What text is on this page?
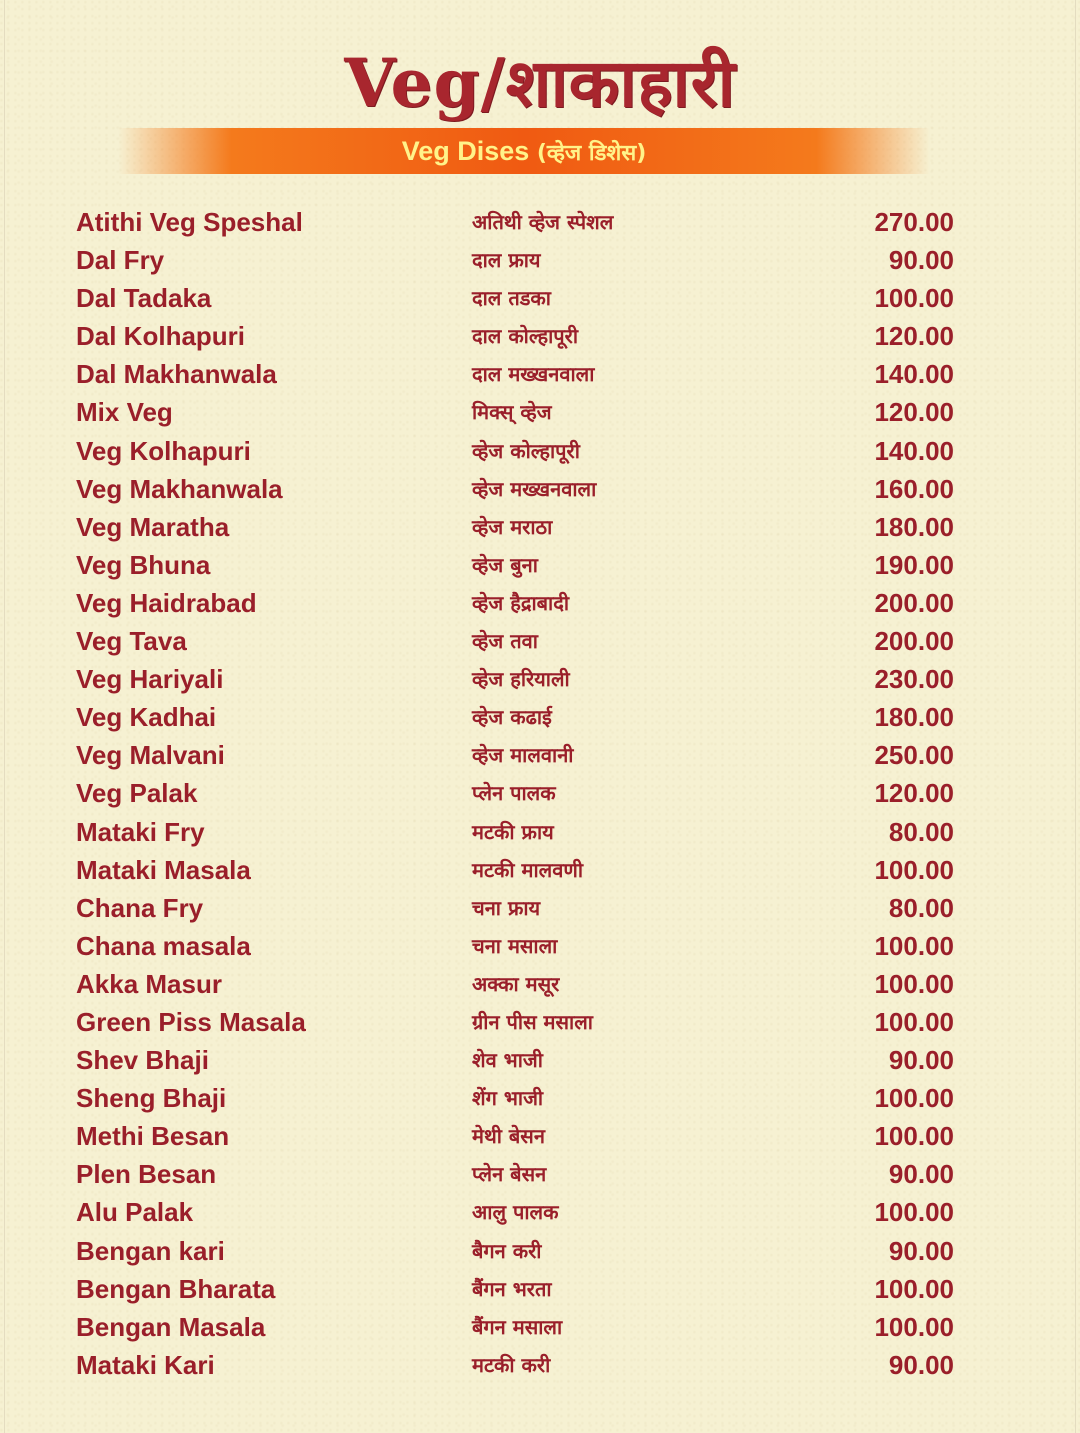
Veg/शाकाहारी
Veg Dises (व्हेज डिशेस)
Atithi Veg Speshal	अतिथी व्हेज स्पेशल	270.00
Dal Fry	दाल फ्राय	90.00
Dal Tadaka	दाल तडका	100.00
Dal Kolhapuri	दाल कोल्हापूरी	120.00
Dal Makhanwala	दाल मख्खनवाला	140.00
Mix Veg	मिक्स् व्हेज	120.00
Veg Kolhapuri	व्हेज कोल्हापूरी	140.00
Veg Makhanwala	व्हेज मख्खनवाला	160.00
Veg Maratha	व्हेज मराठा	180.00
Veg Bhuna	व्हेज बुना	190.00
Veg Haidrabad	व्हेज हैद्राबादी	200.00
Veg Tava	व्हेज तवा	200.00
Veg Hariyali	व्हेज हरियाली	230.00
Veg Kadhai	व्हेज कढाई	180.00
Veg Malvani	व्हेज मालवानी	250.00
Veg Palak	प्लेन पालक	120.00
Mataki Fry	मटकी फ्राय	80.00
Mataki Masala	मटकी मालवणी	100.00
Chana Fry	चना फ्राय	80.00
Chana masala	चना मसाला	100.00
Akka Masur	अक्का मसूर	100.00
Green Piss Masala	ग्रीन पीस मसाला	100.00
Shev Bhaji	शेव भाजी	90.00
Sheng Bhaji	शेंग भाजी	100.00
Methi Besan	मेथी बेसन	100.00
Plen Besan	प्लेन बेसन	90.00
Alu Palak	आलु पालक	100.00
Bengan kari	बैगन करी	90.00
Bengan Bharata	बैंगन भरता	100.00
Bengan Masala	बैंगन मसाला	100.00
Mataki Kari	मटकी करी	90.00
